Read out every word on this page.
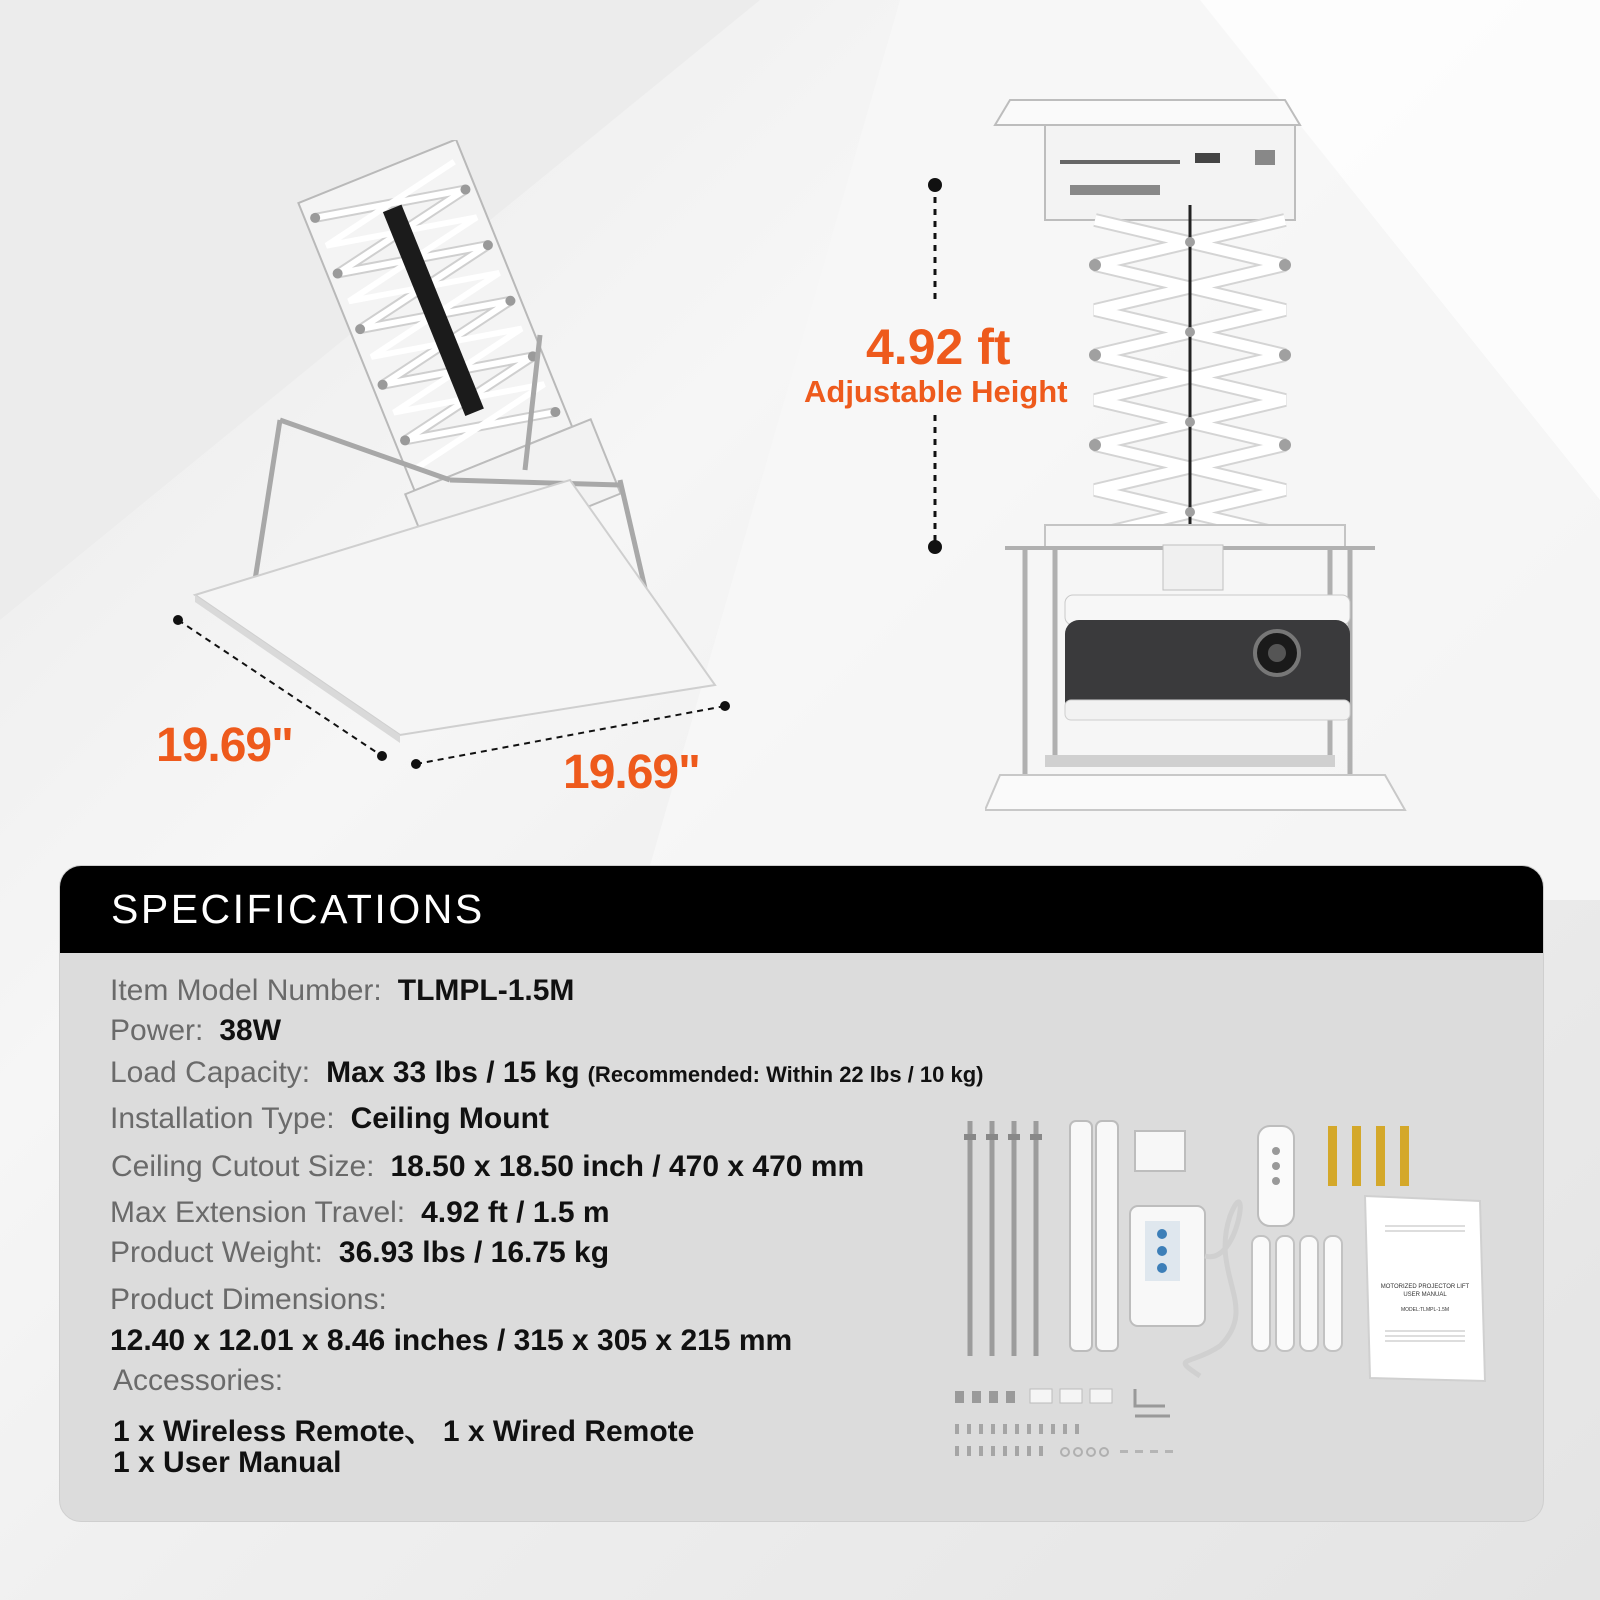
19.69"
19.69"
4.92 ft
Adjustable Height
SPECIFICATIONS
Item Model Number: TLMPL-1.5M
Power: 38W
Load Capacity: Max 33 lbs / 15 kg (Recommended: Within 22 lbs / 10 kg)
Installation Type: Ceiling Mount
Ceiling Cutout Size: 18.50 x 18.50 inch / 470 x 470 mm
Max Extension Travel: 4.92 ft / 1.5 m
Product Weight: 36.93 lbs / 16.75 kg
Product Dimensions:
12.40 x 12.01 x 8.46 inches / 315 x 305 x 215 mm
Accessories:
1 x Wireless Remote、 1 x Wired Remote
1 x User Manual
MOTORIZED PROJECTOR LIFT
USER MANUAL
MODEL:TLMPL-1.5M
